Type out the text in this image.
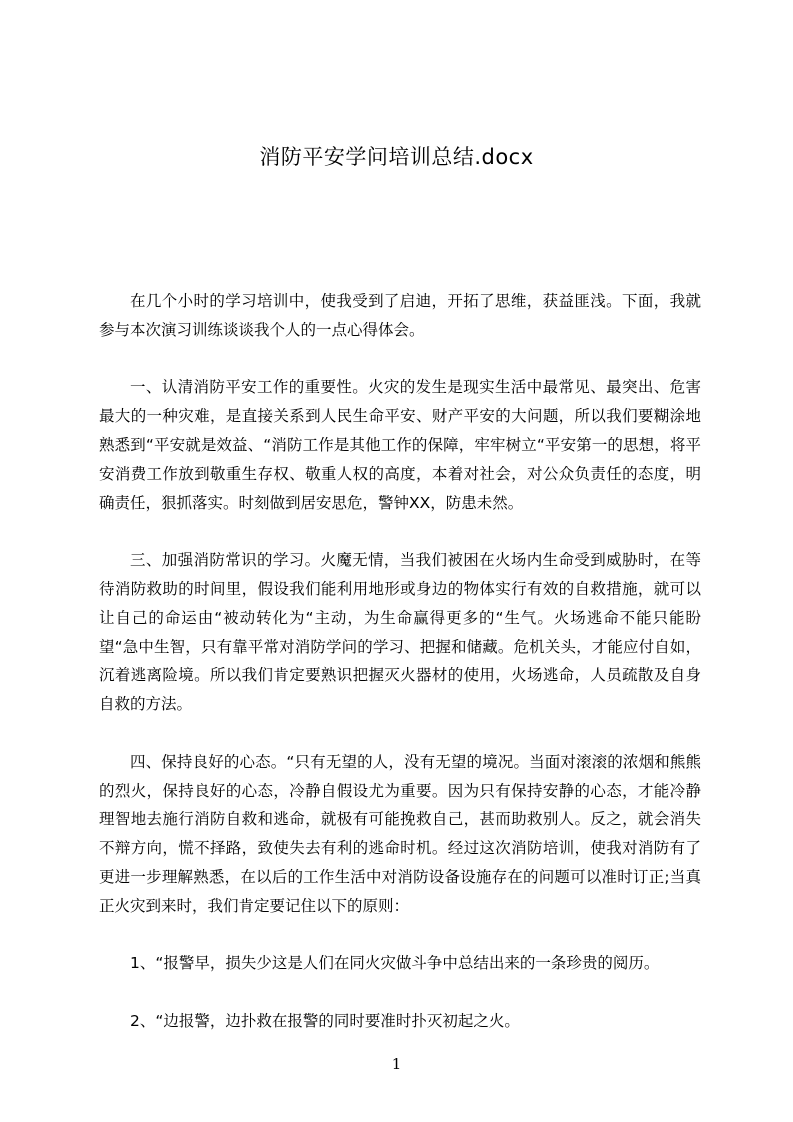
消防平安学问培训总结.docx

在几个小时的学习培训中，使我受到了启迪，开拓了思维，获益匪浅。下面，我就参与本次演习训练谈谈我个人的一点心得体会。

一、认清消防平安工作的重要性。火灾的发生是现实生活中最常见、最突出、危害最大的一种灾难，是直接关系到人民生命平安、财产平安的大问题，所以我们要糊涂地熟悉到“平安就是效益、“消防工作是其他工作的保障，牢牢树立“平安第一的思想，将平安消费工作放到敬重生存权、敬重人权的高度，本着对社会，对公众负责任的态度，明确责任，狠抓落实。时刻做到居安思危，警钟XX，防患未然。

三、加强消防常识的学习。火魔无情，当我们被困在火场内生命受到威胁时，在等待消防救助的时间里，假设我们能利用地形或身边的物体实行有效的自救措施，就可以让自己的命运由“被动转化为“主动，为生命赢得更多的“生气。火场逃命不能只能盼望“急中生智，只有靠平常对消防学问的学习、把握和储藏。危机关头，才能应付自如，沉着逃离险境。所以我们肯定要熟识把握灭火器材的使用，火场逃命，人员疏散及自身自救的方法。

四、保持良好的心态。“只有无望的人，没有无望的境况。当面对滚滚的浓烟和熊熊的烈火，保持良好的心态，冷静自假设尤为重要。因为只有保持安静的心态，才能冷静理智地去施行消防自救和逃命，就极有可能挽救自己，甚而助救别人。反之，就会消失不辩方向，慌不择路，致使失去有利的逃命时机。经过这次消防培训，使我对消防有了更进一步理解熟悉，在以后的工作生活中对消防设备设施存在的问题可以准时订正;当真正火灾到来时，我们肯定要记住以下的原则：

1、“报警早，损失少这是人们在同火灾做斗争中总结出来的一条珍贵的阅历。

2、“边报警，边扑救在报警的同时要准时扑灭初起之火。

1
